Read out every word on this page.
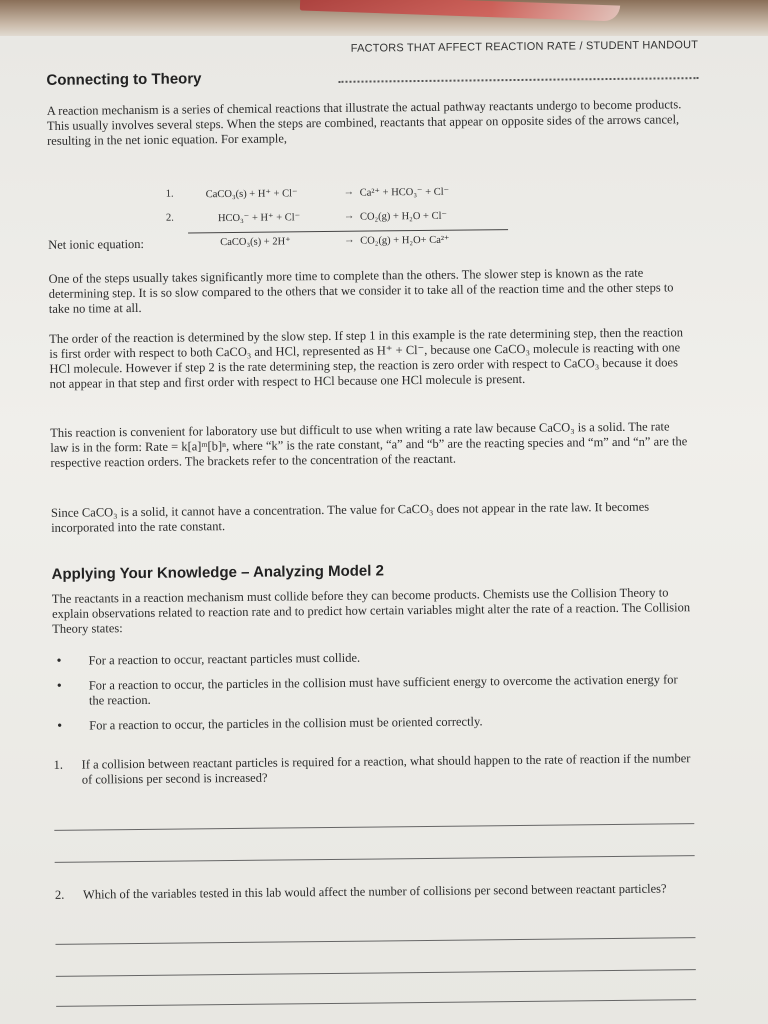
FACTORS THAT AFFECT REACTION RATE / STUDENT HANDOUT
Connecting to Theory

A reaction mechanism is a series of chemical reactions that illustrate the actual pathway reactants undergo to become products. This usually involves several steps. When the steps are combined, reactants that appear on opposite sides of the arrows cancel, resulting in the net ionic equation. For example,

1.	CaCO₃(s) + H⁺ + Cl⁻	→ Ca²⁺ + HCO₃⁻ + Cl⁻
2.	HCO₃⁻ + H⁺ + Cl⁻	→ CO₂(g) + H₂O + Cl⁻
Net ionic equation:	CaCO₃(s) + 2H⁺	→ CO₂(g) + H₂O+ Ca²⁺

One of the steps usually takes significantly more time to complete than the others. The slower step is known as the rate determining step. It is so slow compared to the others that we consider it to take all of the reaction time and the other steps to take no time at all.

The order of the reaction is determined by the slow step. If step 1 in this example is the rate determining step, then the reaction is first order with respect to both CaCO₃ and HCl, represented as H⁺ + Cl⁻, because one CaCO₃ molecule is reacting with one HCl molecule. However if step 2 is the rate determining step, the reaction is zero order with respect to CaCO₃ because it does not appear in that step and first order with respect to HCl because one HCl molecule is present.

This reaction is convenient for laboratory use but difficult to use when writing a rate law because CaCO₃ is a solid. The rate law is in the form: Rate = k[a]ᵐ[b]ⁿ, where “k” is the rate constant, “a” and “b” are the reacting species and “m” and “n” are the respective reaction orders. The brackets refer to the concentration of the reactant.

Since CaCO₃ is a solid, it cannot have a concentration. The value for CaCO₃ does not appear in the rate law. It becomes incorporated into the rate constant.

Applying Your Knowledge – Analyzing Model 2

The reactants in a reaction mechanism must collide before they can become products. Chemists use the Collision Theory to explain observations related to reaction rate and to predict how certain variables might alter the rate of a reaction. The Collision Theory states:

• For a reaction to occur, reactant particles must collide.
• For a reaction to occur, the particles in the collision must have sufficient energy to overcome the activation energy for the reaction.
• For a reaction to occur, the particles in the collision must be oriented correctly.
1.	If a collision between reactant particles is required for a reaction, what should happen to the rate of reaction if the number of collisions per second is increased?
2.	Which of the variables tested in this lab would affect the number of collisions per second between reactant particles?
